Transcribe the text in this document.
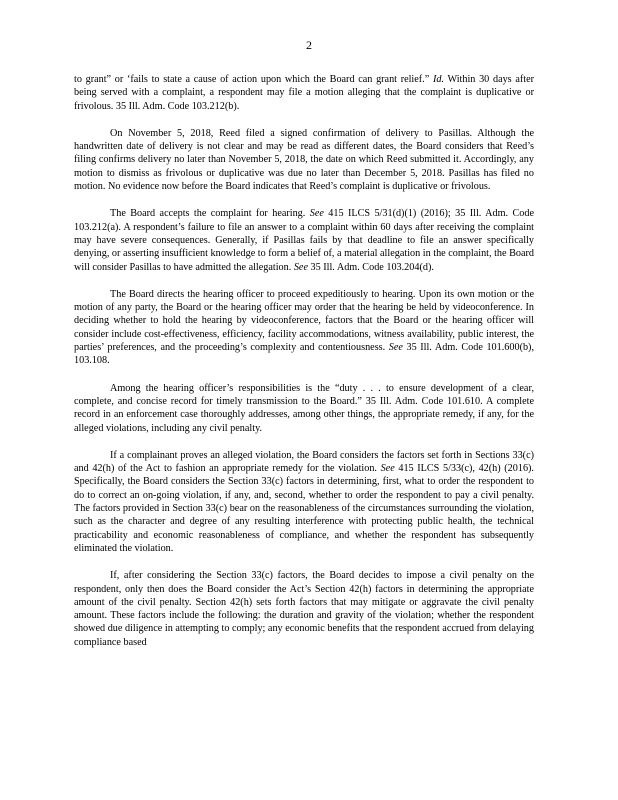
2

to grant” or ‘fails to state a cause of action upon which the Board can grant relief.” Id. Within 30 days after being served with a complaint, a respondent may file a motion alleging that the complaint is duplicative or frivolous. 35 Ill. Adm. Code 103.212(b).

On November 5, 2018, Reed filed a signed confirmation of delivery to Pasillas. Although the handwritten date of delivery is not clear and may be read as different dates, the Board considers that Reed’s filing confirms delivery no later than November 5, 2018, the date on which Reed submitted it. Accordingly, any motion to dismiss as frivolous or duplicative was due no later than December 5, 2018. Pasillas has filed no motion. No evidence now before the Board indicates that Reed’s complaint is duplicative or frivolous.

The Board accepts the complaint for hearing. See 415 ILCS 5/31(d)(1) (2016); 35 Ill. Adm. Code 103.212(a). A respondent’s failure to file an answer to a complaint within 60 days after receiving the complaint may have severe consequences. Generally, if Pasillas fails by that deadline to file an answer specifically denying, or asserting insufficient knowledge to form a belief of, a material allegation in the complaint, the Board will consider Pasillas to have admitted the allegation. See 35 Ill. Adm. Code 103.204(d).

The Board directs the hearing officer to proceed expeditiously to hearing. Upon its own motion or the motion of any party, the Board or the hearing officer may order that the hearing be held by videoconference. In deciding whether to hold the hearing by videoconference, factors that the Board or the hearing officer will consider include cost-effectiveness, efficiency, facility accommodations, witness availability, public interest, the parties’ preferences, and the proceeding’s complexity and contentiousness. See 35 Ill. Adm. Code 101.600(b), 103.108.

Among the hearing officer’s responsibilities is the “duty . . . to ensure development of a clear, complete, and concise record for timely transmission to the Board.” 35 Ill. Adm. Code 101.610. A complete record in an enforcement case thoroughly addresses, among other things, the appropriate remedy, if any, for the alleged violations, including any civil penalty.

If a complainant proves an alleged violation, the Board considers the factors set forth in Sections 33(c) and 42(h) of the Act to fashion an appropriate remedy for the violation. See 415 ILCS 5/33(c), 42(h) (2016). Specifically, the Board considers the Section 33(c) factors in determining, first, what to order the respondent to do to correct an on-going violation, if any, and, second, whether to order the respondent to pay a civil penalty. The factors provided in Section 33(c) bear on the reasonableness of the circumstances surrounding the violation, such as the character and degree of any resulting interference with protecting public health, the technical practicability and economic reasonableness of compliance, and whether the respondent has subsequently eliminated the violation.

If, after considering the Section 33(c) factors, the Board decides to impose a civil penalty on the respondent, only then does the Board consider the Act’s Section 42(h) factors in determining the appropriate amount of the civil penalty. Section 42(h) sets forth factors that may mitigate or aggravate the civil penalty amount. These factors include the following: the duration and gravity of the violation; whether the respondent showed due diligence in attempting to comply; any economic benefits that the respondent accrued from delaying compliance based
